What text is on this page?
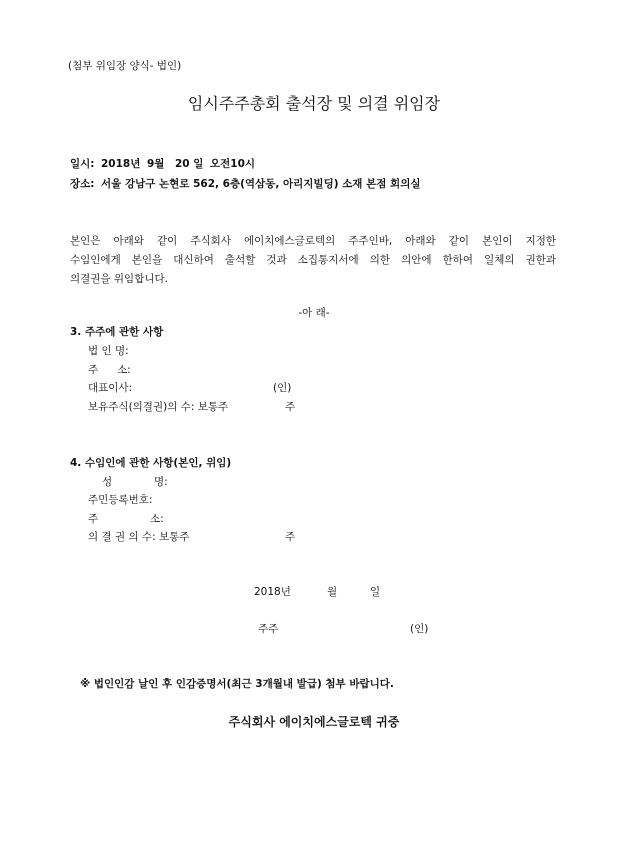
(첨부 위임장 양식- 법인)
임시주주총회 출석장 및 의결 위임장
일시: 2018년 9월 20 일 오전10시
장소: 서울 강남구 논현로 562, 6층(역삼동, 아리지빌딩) 소재 본점 회의실
본인은 아래와 같이 주식회사 에이치에스글로텍의 주주인바, 아래와 같이 본인이 지정한
수임인에게 본인을 대신하여 출석할 것과 소집통지서에 의한 의안에 한하여 일체의 권한과
의결권을 위임합니다.
-아 래-
3. 주주에 관한 사항
법 인 명:
주 소:
대표이사:	(인)
보유주식(의결권)의 수: 보통주	주
4. 수임인에 관한 사항(본인, 위임)
성	명:
주민등록번호:
주	소:
의 결 권 의 수: 보통주	주
2018년	월	일
주주	(인)
※ 법인인감 날인 후 인감증명서(최근 3개월내 발급) 첨부 바랍니다.
주식회사 에이치에스글로텍 귀중
